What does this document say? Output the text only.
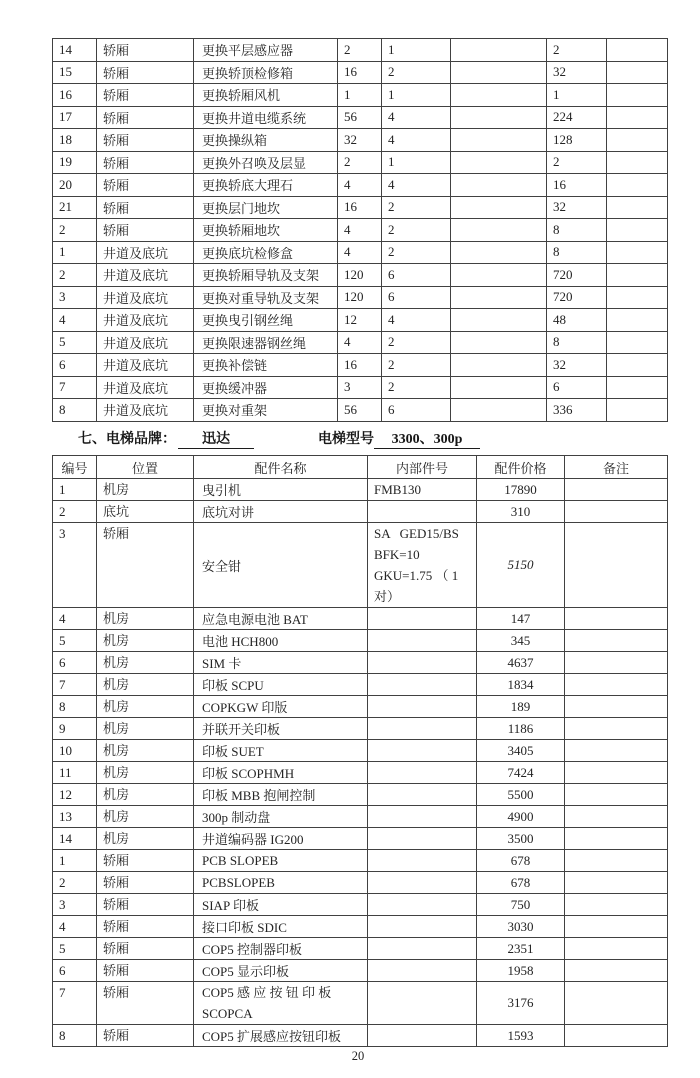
14	轿厢	更换平层感应器	2	1		2	
15	轿厢	更换轿顶检修箱	16	2		32	
16	轿厢	更换轿厢风机	1	1		1	
17	轿厢	更换井道电缆系统	56	4		224	
18	轿厢	更换操纵箱	32	4		128	
19	轿厢	更换外召唤及层显	2	1		2	
20	轿厢	更换轿底大理石	4	4		16	
21	轿厢	更换层门地坎	16	2		32	
2	轿厢	更换轿厢地坎	4	2		8	
1	井道及底坑	更换底坑检修盒	4	2		8	
2	井道及底坑	更换轿厢导轨及支架	120	6		720	
3	井道及底坑	更换对重导轨及支架	120	6		720	
4	井道及底坑	更换曳引钢丝绳	12	4		48	
5	井道及底坑	更换限速器钢丝绳	4	2		8	
6	井道及底坑	更换补偿链	16	2		32	
7	井道及底坑	更换缓冲器	3	2		6	
8	井道及底坑	更换对重架	56	6		336	
七、电梯品牌： 迅达	电梯型号 3300、300p
编号	位置	配件名称	内部件号	配件价格	备注
1	机房	曳引机	FMB130	17890	
2	底坑	底坑对讲		310	
3	轿厢	安全钳	SA   GED15/BS
BFK=10
GKU=1.75 （ 1
对）	5150	
4	机房	应急电源电池 BAT		147	
5	机房	电池 HCH800		345	
6	机房	SIM 卡		4637	
7	机房	印板 SCPU		1834	
8	机房	COPKGW 印版		189	
9	机房	并联开关印板		1186	
10	机房	印板 SUET		3405	
11	机房	印板 SCOPHMH		7424	
12	机房	印板 MBB 抱闸控制		5500	
13	机房	300p 制动盘		4900	
14	机房	井道编码器 IG200		3500	
1	轿厢	PCB SLOPEB		678	
2	轿厢	PCBSLOPEB		678	
3	轿厢	SIAP 印板		750	
4	轿厢	接口印板 SDIC		3030	
5	轿厢	COP5 控制器印板		2351	
6	轿厢	COP5 显示印板		1958	
7	轿厢	COP5 感 应 按 钮 印 板
SCOPCA		3176	
8	轿厢	COP5 扩展感应按钮印板		1593	
20
